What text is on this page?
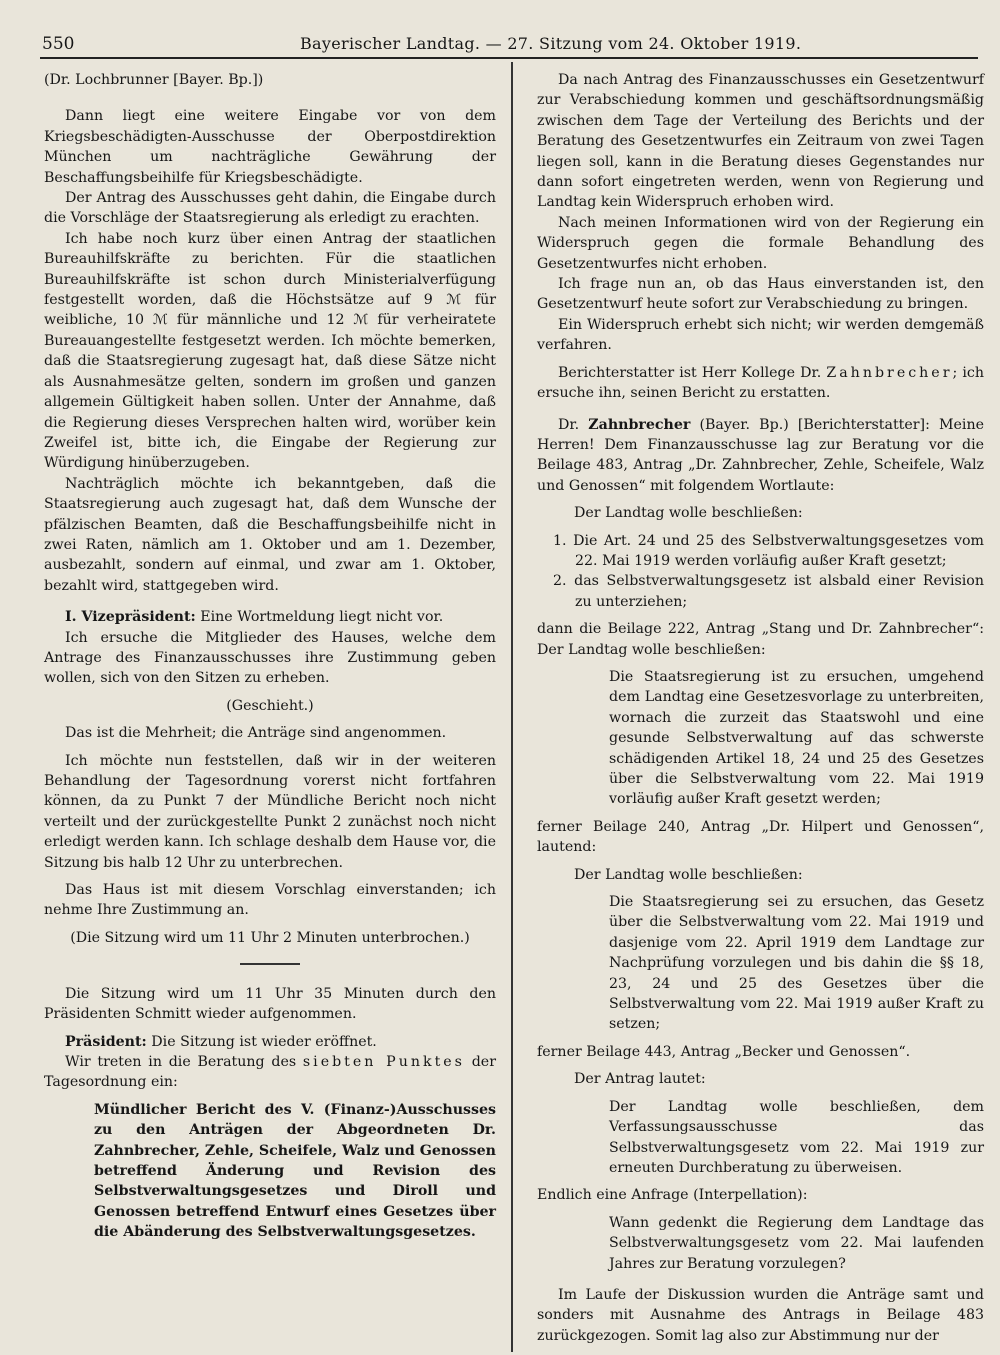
550	Bayerischer Landtag. — 27. Sitzung vom 24. Oktober 1919.

(Dr. Lochbrunner [Bayer. Bp.])

Dann liegt eine weitere Eingabe vor von dem Kriegsbeschädigten-Ausschusse der Oberpostdirektion München um nachträgliche Gewährung der Beschaffungsbeihilfe für Kriegsbeschädigte.

Der Antrag des Ausschusses geht dahin, die Eingabe durch die Vorschläge der Staatsregierung als erledigt zu erachten.

Ich habe noch kurz über einen Antrag der staatlichen Bureauhilfskräfte zu berichten. Für die staatlichen Bureauhilfskräfte ist schon durch Ministerialverfügung festgestellt worden, daß die Höchstsätze auf 9 ℳ für weibliche, 10 ℳ für männliche und 12 ℳ für verheiratete Bureauangestellte festgesetzt werden. Ich möchte bemerken, daß die Staatsregierung zugesagt hat, daß diese Sätze nicht als Ausnahmesätze gelten, sondern im großen und ganzen allgemein Gültigkeit haben sollen. Unter der Annahme, daß die Regierung dieses Versprechen halten wird, worüber kein Zweifel ist, bitte ich, die Eingabe der Regierung zur Würdigung hinüberzugeben.

Nachträglich möchte ich bekanntgeben, daß die Staatsregierung auch zugesagt hat, daß dem Wunsche der pfälzischen Beamten, daß die Beschaffungsbeihilfe nicht in zwei Raten, nämlich am 1. Oktober und am 1. Dezember, ausbezahlt, sondern auf einmal, und zwar am 1. Oktober, bezahlt wird, stattgegeben wird.

I. Vizepräsident: Eine Wortmeldung liegt nicht vor.

Ich ersuche die Mitglieder des Hauses, welche dem Antrage des Finanzausschusses ihre Zustimmung geben wollen, sich von den Sitzen zu erheben.

(Geschieht.)

Das ist die Mehrheit; die Anträge sind angenommen.

Ich möchte nun feststellen, daß wir in der weiteren Behandlung der Tagesordnung vorerst nicht fortfahren können, da zu Punkt 7 der Mündliche Bericht noch nicht verteilt und der zurückgestellte Punkt 2 zunächst noch nicht erledigt werden kann. Ich schlage deshalb dem Hause vor, die Sitzung bis halb 12 Uhr zu unterbrechen.

Das Haus ist mit diesem Vorschlag einverstanden; ich nehme Ihre Zustimmung an.

(Die Sitzung wird um 11 Uhr 2 Minuten unterbrochen.)

Die Sitzung wird um 11 Uhr 35 Minuten durch den Präsidenten Schmitt wieder aufgenommen.

Präsident: Die Sitzung ist wieder eröffnet.

Wir treten in die Beratung des siebten Punktes der Tagesordnung ein:

Mündlicher Bericht des V. (Finanz-)Ausschusses zu den Anträgen der Abgeordneten Dr. Zahnbrecher, Zehle, Scheifele, Walz und Genossen betreffend Änderung und Revision des Selbstverwaltungsgesetzes und Diroll und Genossen betreffend Entwurf eines Gesetzes über die Abänderung des Selbstverwaltungsgesetzes.

Da nach Antrag des Finanzausschusses ein Gesetzentwurf zur Verabschiedung kommen und geschäftsordnungsmäßig zwischen dem Tage der Verteilung des Berichts und der Beratung des Gesetzentwurfes ein Zeitraum von zwei Tagen liegen soll, kann in die Beratung dieses Gegenstandes nur dann sofort eingetreten werden, wenn von Regierung und Landtag kein Widerspruch erhoben wird.

Nach meinen Informationen wird von der Regierung ein Widerspruch gegen die formale Behandlung des Gesetzentwurfes nicht erhoben.

Ich frage nun an, ob das Haus einverstanden ist, den Gesetzentwurf heute sofort zur Verabschiedung zu bringen.

Ein Widerspruch erhebt sich nicht; wir werden demgemäß verfahren.

Berichterstatter ist Herr Kollege Dr. Zahnbrecher; ich ersuche ihn, seinen Bericht zu erstatten.

Dr. Zahnbrecher (Bayer. Bp.) [Berichterstatter]: Meine Herren! Dem Finanzausschusse lag zur Beratung vor die Beilage 483, Antrag „Dr. Zahnbrecher, Zehle, Scheifele, Walz und Genossen“ mit folgendem Wortlaute:

Der Landtag wolle beschließen:

1. Die Art. 24 und 25 des Selbstverwaltungsgesetzes vom 22. Mai 1919 werden vorläufig außer Kraft gesetzt;

2. das Selbstverwaltungsgesetz ist alsbald einer Revision zu unterziehen;

dann die Beilage 222, Antrag „Stang und Dr. Zahnbrecher“: Der Landtag wolle beschließen:

Die Staatsregierung ist zu ersuchen, umgehend dem Landtag eine Gesetzesvorlage zu unterbreiten, wornach die zurzeit das Staatswohl und eine gesunde Selbstverwaltung auf das schwerste schädigenden Artikel 18, 24 und 25 des Gesetzes über die Selbstverwaltung vom 22. Mai 1919 vorläufig außer Kraft gesetzt werden;

ferner Beilage 240, Antrag „Dr. Hilpert und Genossen“, lautend:

Der Landtag wolle beschließen:

Die Staatsregierung sei zu ersuchen, das Gesetz über die Selbstverwaltung vom 22. Mai 1919 und dasjenige vom 22. April 1919 dem Landtage zur Nachprüfung vorzulegen und bis dahin die §§ 18, 23, 24 und 25 des Gesetzes über die Selbstverwaltung vom 22. Mai 1919 außer Kraft zu setzen;

ferner Beilage 443, Antrag „Becker und Genossen“.

Der Antrag lautet:

Der Landtag wolle beschließen, dem Verfassungsausschusse das Selbstverwaltungsgesetz vom 22. Mai 1919 zur erneuten Durchberatung zu überweisen.

Endlich eine Anfrage (Interpellation):

Wann gedenkt die Regierung dem Landtage das Selbstverwaltungsgesetz vom 22. Mai laufenden Jahres zur Beratung vorzulegen?

Im Laufe der Diskussion wurden die Anträge samt und sonders mit Ausnahme des Antrags in Beilage 483 zurückgezogen. Somit lag also zur Abstimmung nur der
